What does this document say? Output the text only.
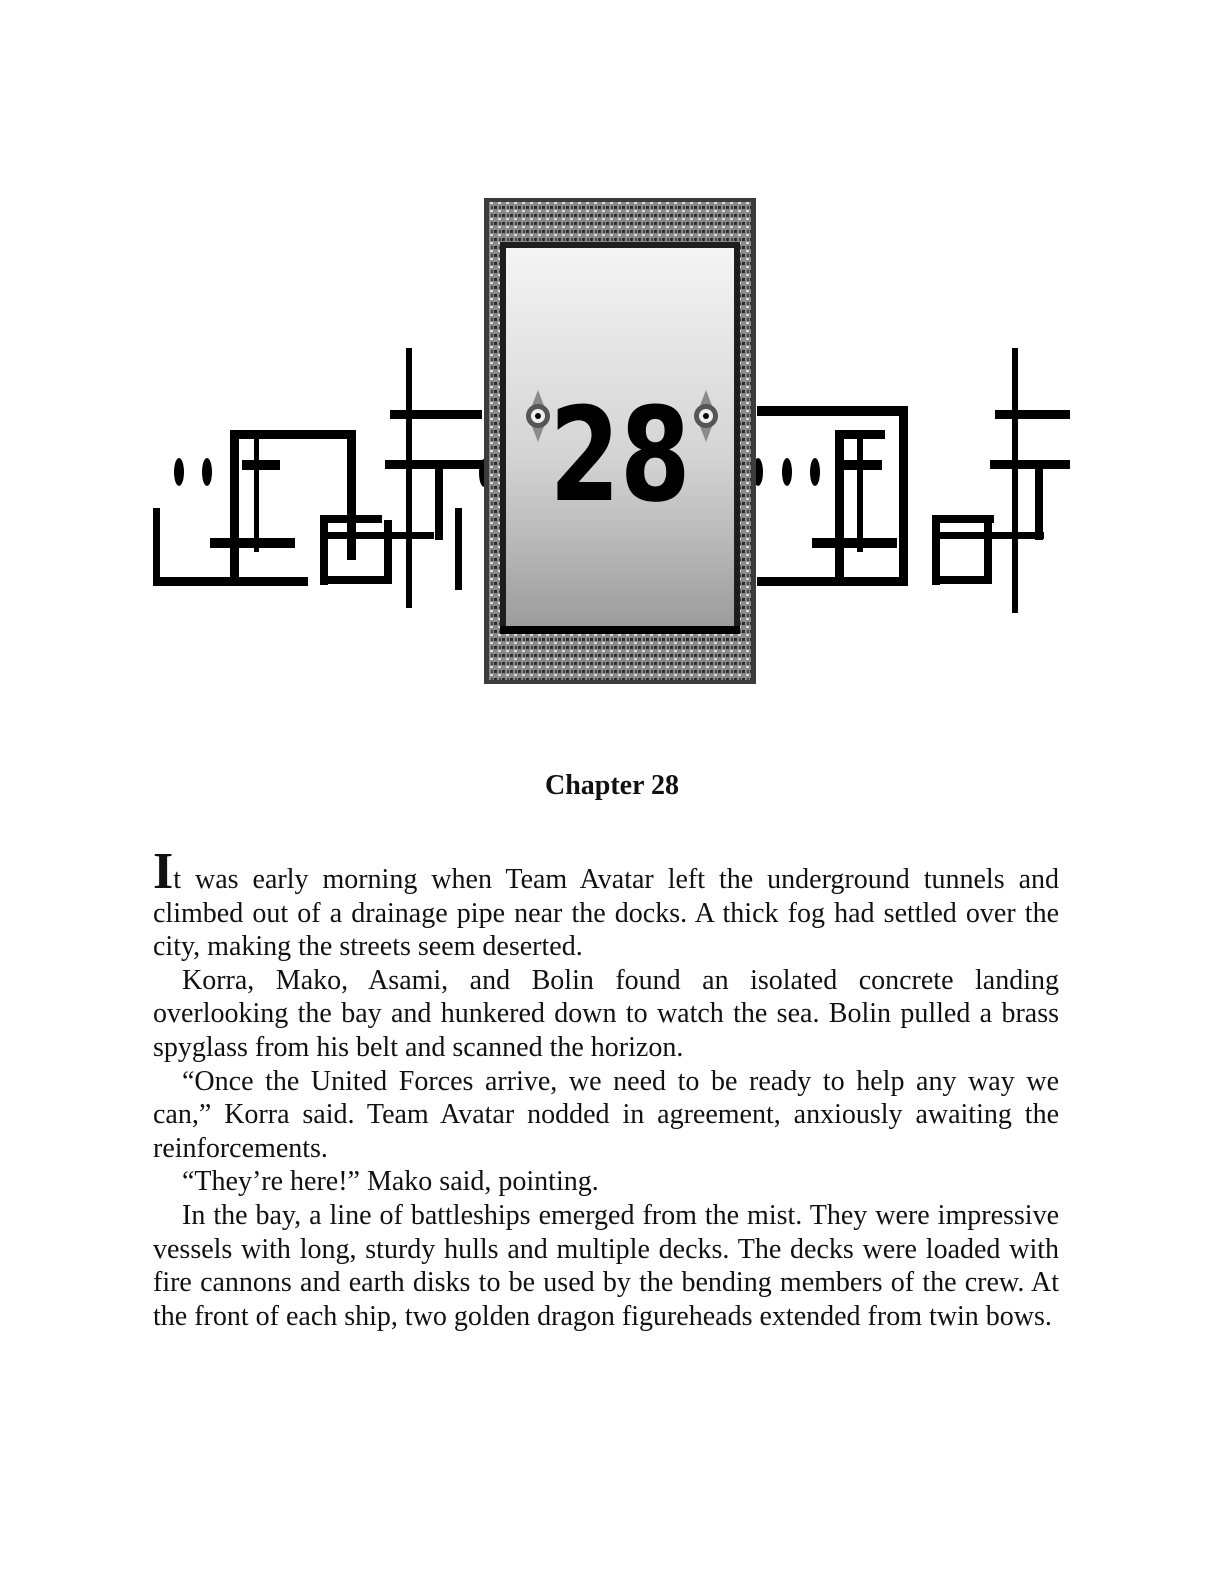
28
Chapter 28

It was early morning when Team Avatar left the underground tunnels and climbed out of a drainage pipe near the docks. A thick fog had settled over the city, making the streets seem deserted.

Korra, Mako, Asami, and Bolin found an isolated concrete landing overlooking the bay and hunkered down to watch the sea. Bolin pulled a brass spyglass from his belt and scanned the horizon.

“Once the United Forces arrive, we need to be ready to help any way we can,” Korra said. Team Avatar nodded in agreement, anxiously awaiting the reinforcements.

“They’re here!” Mako said, pointing.

In the bay, a line of battleships emerged from the mist. They were impressive vessels with long, sturdy hulls and multiple decks. The decks were loaded with fire cannons and earth disks to be used by the bending members of the crew. At the front of each ship, two golden dragon figureheads extended from twin bows.
